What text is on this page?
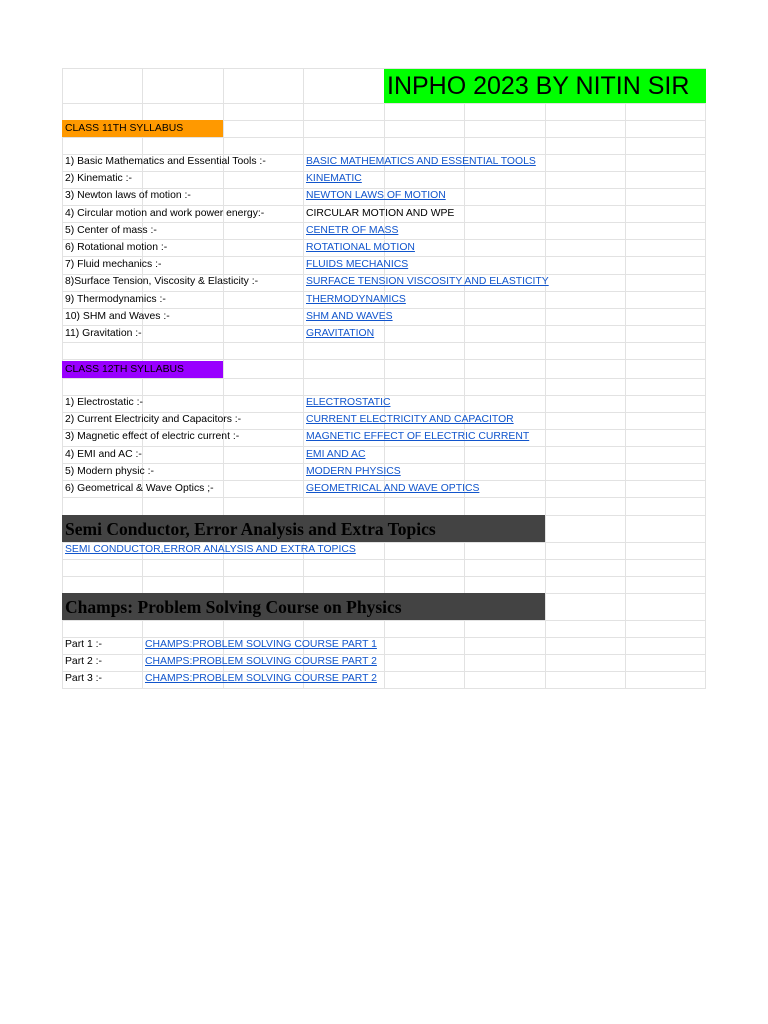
INPHO 2023 BY NITIN SIR
CLASS 11TH SYLLABUS
1) Basic Mathematics and Essential Tools :-	BASIC MATHEMATICS AND ESSENTIAL TOOLS
2) Kinematic :-	KINEMATIC
3) Newton laws of motion :-	NEWTON LAWS OF MOTION
4) Circular motion and work power energy:-	CIRCULAR MOTION AND WPE
5) Center of mass :-	CENETR OF MASS
6) Rotational motion :-	ROTATIONAL MOTION
7) Fluid mechanics :-	FLUIDS MECHANICS
8)Surface Tension, Viscosity & Elasticity :-	SURFACE TENSION VISCOSITY AND ELASTICITY
9) Thermodynamics :-	THERMODYNAMICS
10) SHM and Waves :-	SHM AND WAVES
11) Gravitation :-	GRAVITATION
CLASS 12TH SYLLABUS
1) Electrostatic :-	ELECTROSTATIC
2) Current Electricity and Capacitors :-	CURRENT ELECTRICITY AND CAPACITOR
3) Magnetic effect of electric current :-	MAGNETIC EFFECT OF ELECTRIC CURRENT
4) EMI and AC :-	EMI AND AC
5) Modern physic :-	MODERN PHYSICS
6) Geometrical & Wave Optics ;-	GEOMETRICAL AND WAVE OPTICS
Semi Conductor, Error Analysis and Extra Topics
SEMI CONDUCTOR,ERROR ANALYSIS AND EXTRA TOPICS
Champs: Problem Solving Course on Physics
Part 1 :-	CHAMPS:PROBLEM SOLVING COURSE PART 1
Part 2 :-	CHAMPS:PROBLEM SOLVING COURSE PART 2
Part 3 :-	CHAMPS:PROBLEM SOLVING COURSE PART 2
